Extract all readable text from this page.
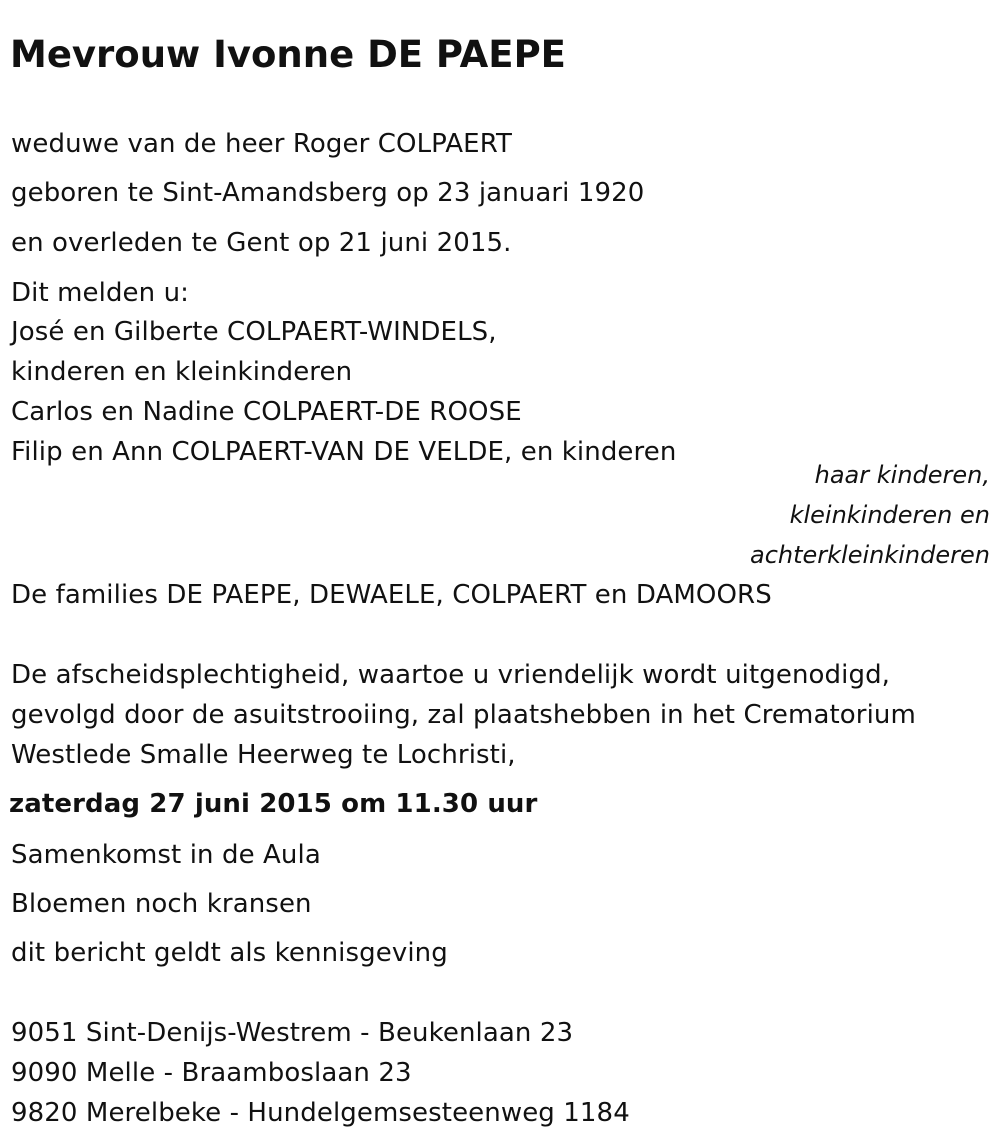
Mevrouw Ivonne DE PAEPE
weduwe van de heer Roger COLPAERT
geboren te Sint-Amandsberg op 23 januari 1920
en overleden te Gent op 21 juni 2015.
Dit melden u:
José en Gilberte COLPAERT-WINDELS,
kinderen en kleinkinderen
Carlos en Nadine COLPAERT-DE ROOSE
Filip en Ann COLPAERT-VAN DE VELDE, en kinderen
haar kinderen,
kleinkinderen en
achterkleinkinderen
De families DE PAEPE, DEWAELE, COLPAERT en DAMOORS
De afscheidsplechtigheid, waartoe u vriendelijk wordt uitgenodigd,
gevolgd door de asuitstrooiing, zal plaatshebben in het Crematorium
Westlede Smalle Heerweg te Lochristi,
zaterdag 27 juni 2015 om 11.30 uur
Samenkomst in de Aula
Bloemen noch kransen
dit bericht geldt als kennisgeving
9051 Sint-Denijs-Westrem - Beukenlaan 23
9090 Melle - Braamboslaan 23
9820 Merelbeke - Hundelgemsesteenweg 1184
